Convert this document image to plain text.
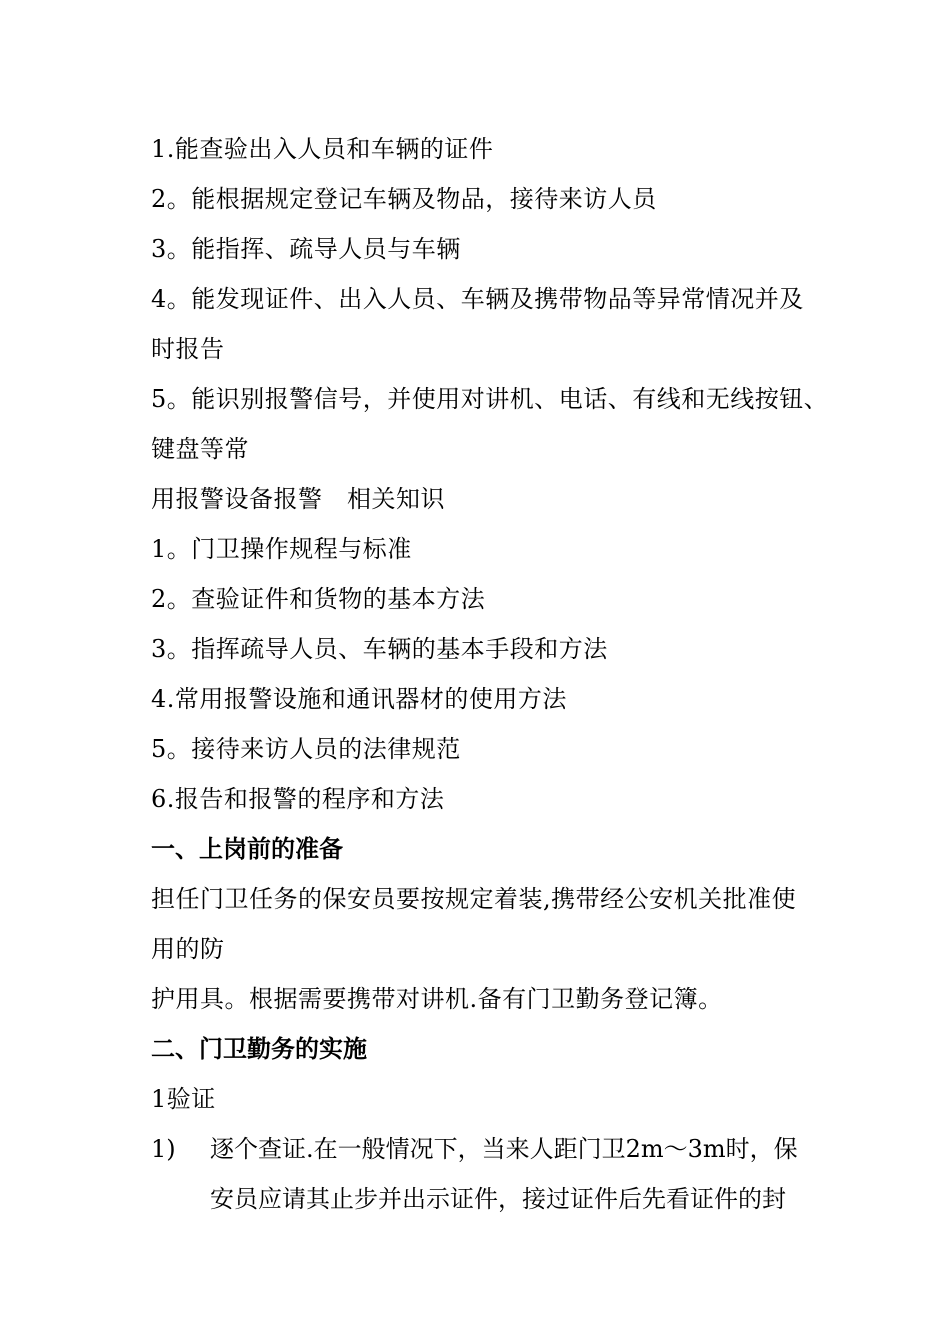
1.能查验出入人员和车辆的证件
2。能根据规定登记车辆及物品，接待来访人员
3。能指挥、疏导人员与车辆
4。能发现证件、出入人员、车辆及携带物品等异常情况并及
时报告
5。能识别报警信号，并使用对讲机、电话、有线和无线按钮、
键盘等常
用报警设备报警　相关知识
1。门卫操作规程与标准
2。查验证件和货物的基本方法
3。指挥疏导人员、车辆的基本手段和方法
4.常用报警设施和通讯器材的使用方法
5。接待来访人员的法律规范
6.报告和报警的程序和方法
一、上岗前的准备
担任门卫任务的保安员要按规定着装,携带经公安机关批准使
用的防
护用具。根据需要携带对讲机.备有门卫勤务登记簿。
二、门卫勤务的实施
1验证
1) 逐个查证.在一般情况下，当来人距门卫2m～3m时，保
安员应请其止步并出示证件，接过证件后先看证件的封
